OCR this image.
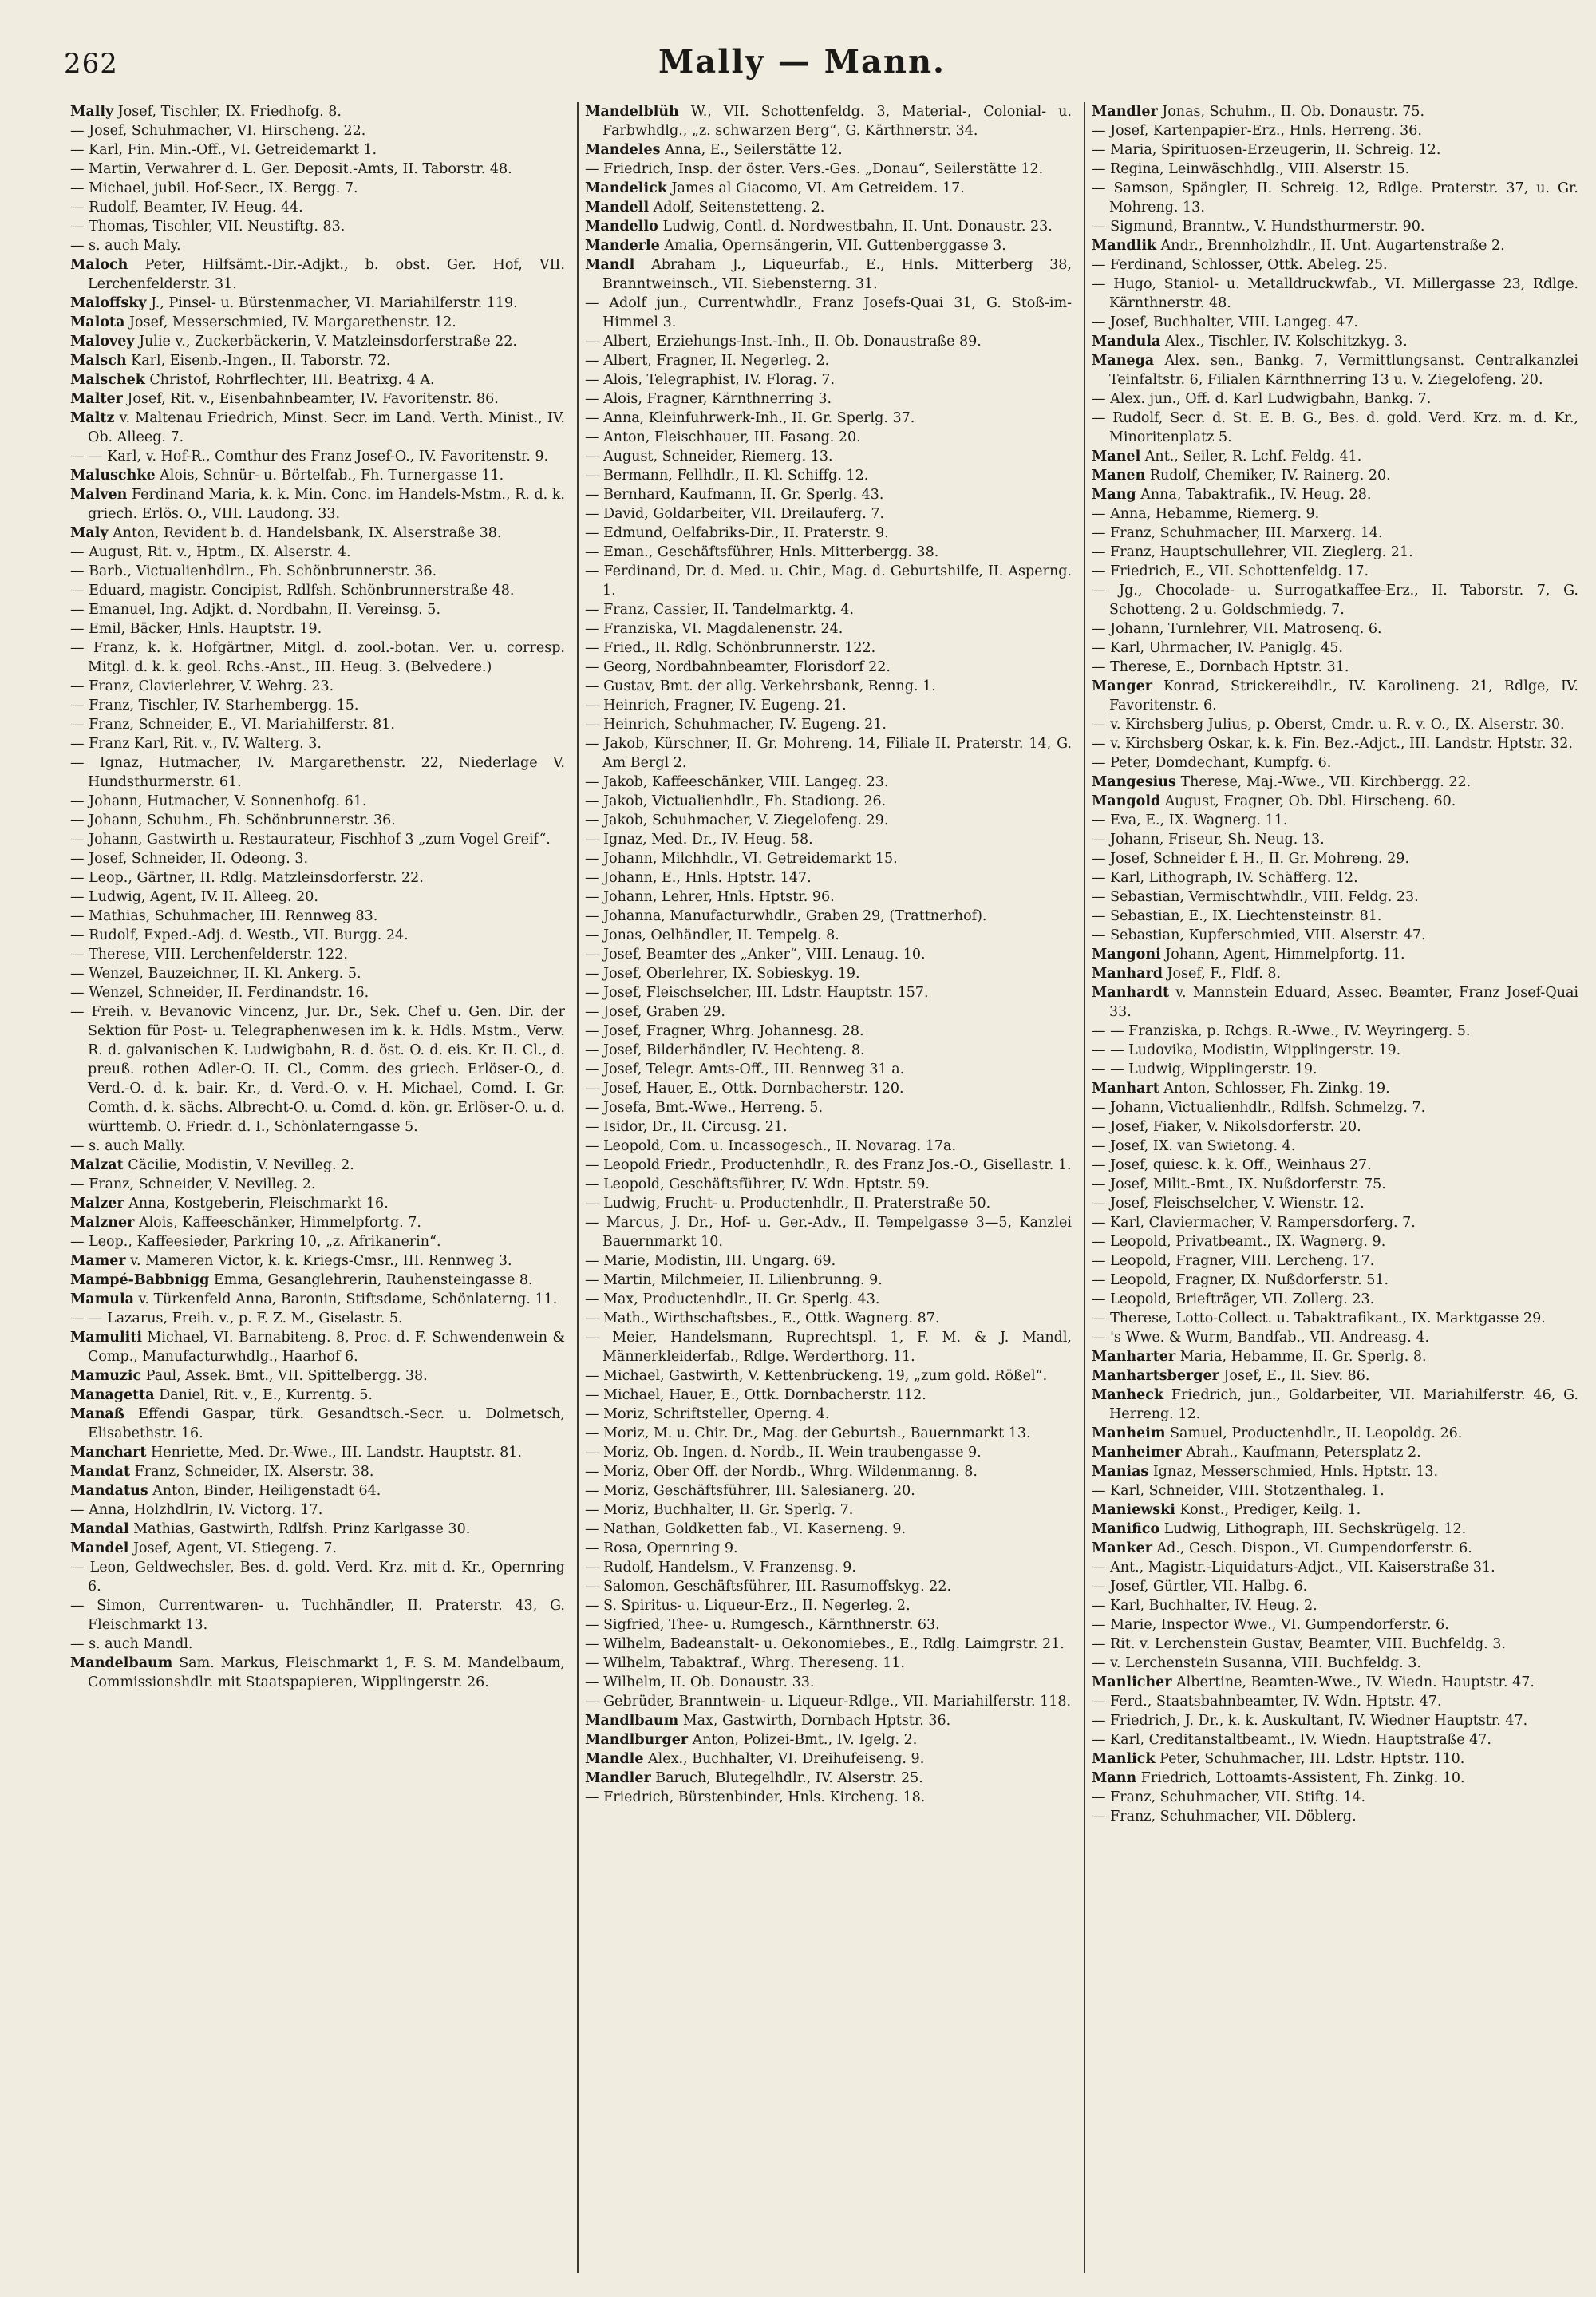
262	Mally — Mann.

Mally Josef, Tischler, IX. Friedhofg. 8.

— Josef, Schuhmacher, VI. Hirscheng. 22.

— Karl, Fin. Min.-Off., VI. Getreidemarkt 1.

— Martin, Verwahrer d. L. Ger. Deposit.-Amts, II. Taborstr. 48.

— Michael, jubil. Hof-Secr., IX. Bergg. 7.

— Rudolf, Beamter, IV. Heug. 44.

— Thomas, Tischler, VII. Neustiftg. 83.

— s. auch Maly.

Maloch Peter, Hilfsämt.-Dir.-Adjkt., b. obst. Ger. Hof, VII. Lerchenfelderstr. 31.

Maloffsky J., Pinsel- u. Bürstenmacher, VI. Mariahilferstr. 119.

Malota Josef, Messerschmied, IV. Margarethenstr. 12.

Malovey Julie v., Zuckerbäckerin, V. Matzleinsdorferstraße 22.

Malsch Karl, Eisenb.-Ingen., II. Taborstr. 72.

Malschek Christof, Rohrflechter, III. Beatrixg. 4 A.

Malter Josef, Rit. v., Eisenbahnbeamter, IV. Favoritenstr. 86.

Maltz v. Maltenau Friedrich, Minst. Secr. im Land. Verth. Minist., IV. Ob. Alleeg. 7.

— — Karl, v. Hof-R., Comthur des Franz Josef-O., IV. Favoritenstr. 9.

Maluschke Alois, Schnür- u. Börtelfab., Fh. Turnergasse 11.

Malven Ferdinand Maria, k. k. Min. Conc. im Handels-Mstm., R. d. k. griech. Erlös. O., VIII. Laudong. 33.

Maly Anton, Revident b. d. Handelsbank, IX. Alserstraße 38.

— August, Rit. v., Hptm., IX. Alserstr. 4.

— Barb., Victualienhdlrn., Fh. Schönbrunnerstr. 36.

— Eduard, magistr. Concipist, Rdlfsh. Schönbrunnerstraße 48.

— Emanuel, Ing. Adjkt. d. Nordbahn, II. Vereinsg. 5.

— Emil, Bäcker, Hnls. Hauptstr. 19.

— Franz, k. k. Hofgärtner, Mitgl. d. zool.-botan. Ver. u. corresp. Mitgl. d. k. k. geol. Rchs.-Anst., III. Heug. 3. (Belvedere.)

— Franz, Clavierlehrer, V. Wehrg. 23.

— Franz, Tischler, IV. Starhembergg. 15.

— Franz, Schneider, E., VI. Mariahilferstr. 81.

— Franz Karl, Rit. v., IV. Walterg. 3.

— Ignaz, Hutmacher, IV. Margarethenstr. 22, Niederlage V. Hundsthurmerstr. 61.

— Johann, Hutmacher, V. Sonnenhofg. 61.

— Johann, Schuhm., Fh. Schönbrunnerstr. 36.

— Johann, Gastwirth u. Restaurateur, Fischhof 3 „zum Vogel Greif“.

— Josef, Schneider, II. Odeong. 3.

— Leop., Gärtner, II. Rdlg. Matzleinsdorferstr. 22.

— Ludwig, Agent, IV. II. Alleeg. 20.

— Mathias, Schuhmacher, III. Rennweg 83.

— Rudolf, Exped.-Adj. d. Westb., VII. Burgg. 24.

— Therese, VIII. Lerchenfelderstr. 122.

— Wenzel, Bauzeichner, II. Kl. Ankerg. 5.

— Wenzel, Schneider, II. Ferdinandstr. 16.

— Freih. v. Bevanovic Vincenz, Jur. Dr., Sek. Chef u. Gen. Dir. der Sektion für Post- u. Telegraphenwesen im k. k. Hdls. Mstm., Verw. R. d. galvanischen K. Ludwigbahn, R. d. öst. O. d. eis. Kr. II. Cl., d. preuß. rothen Adler-O. II. Cl., Comm. des griech. Erlöser-O., d. Verd.-O. d. k. bair. Kr., d. Verd.-O. v. H. Michael, Comd. I. Gr. Comth. d. k. sächs. Albrecht-O. u. Comd. d. kön. gr. Erlöser-O. u. d. württemb. O. Friedr. d. I., Schönlaterngasse 5.

— s. auch Mally.

Malzat Cäcilie, Modistin, V. Nevilleg. 2.

— Franz, Schneider, V. Nevilleg. 2.

Malzer Anna, Kostgeberin, Fleischmarkt 16.

Malzner Alois, Kaffeeschänker, Himmelpfortg. 7.

— Leop., Kaffeesieder, Parkring 10, „z. Afrikanerin“.

Mamer v. Mameren Victor, k. k. Kriegs-Cmsr., III. Rennweg 3.

Mampé-Babbnigg Emma, Gesanglehrerin, Rauhensteingasse 8.

Mamula v. Türkenfeld Anna, Baronin, Stiftsdame, Schönlaterng. 11.

— — Lazarus, Freih. v., p. F. Z. M., Giselastr. 5.

Mamuliti Michael, VI. Barnabiteng. 8, Proc. d. F. Schwendenwein & Comp., Manufacturwhdlg., Haarhof 6.

Mamuzic Paul, Assek. Bmt., VII. Spittelbergg. 38.

Managetta Daniel, Rit. v., E., Kurrentg. 5.

Manaß Effendi Gaspar, türk. Gesandtsch.-Secr. u. Dolmetsch, Elisabethstr. 16.

Manchart Henriette, Med. Dr.-Wwe., III. Landstr. Hauptstr. 81.

Mandat Franz, Schneider, IX. Alserstr. 38.

Mandatus Anton, Binder, Heiligenstadt 64.

— Anna, Holzhdlrin, IV. Victorg. 17.

Mandal Mathias, Gastwirth, Rdlfsh. Prinz Karlgasse 30.

Mandel Josef, Agent, VI. Stiegeng. 7.

— Leon, Geldwechsler, Bes. d. gold. Verd. Krz. mit d. Kr., Opernring 6.

— Simon, Currentwaren- u. Tuchhändler, II. Praterstr. 43, G. Fleischmarkt 13.

— s. auch Mandl.

Mandelbaum Sam. Markus, Fleischmarkt 1, F. S. M. Mandelbaum, Commissionshdlr. mit Staatspapieren, Wipplingerstr. 26.

Mandelblüh W., VII. Schottenfeldg. 3, Material-, Colonial- u. Farbwhdlg., „z. schwarzen Berg“, G. Kärthnerstr. 34.

Mandeles Anna, E., Seilerstätte 12.

— Friedrich, Insp. der öster. Vers.-Ges. „Donau“, Seilerstätte 12.

Mandelick James al Giacomo, VI. Am Getreidem. 17.

Mandell Adolf, Seitenstetteng. 2.

Mandello Ludwig, Contl. d. Nordwestbahn, II. Unt. Donaustr. 23.

Manderle Amalia, Opernsängerin, VII. Guttenberggasse 3.

Mandl Abraham J., Liqueurfab., E., Hnls. Mitterberg 38, Branntweinsch., VII. Siebensterng. 31.

— Adolf jun., Currentwhdlr., Franz Josefs-Quai 31, G. Stoß-im-Himmel 3.

— Albert, Erziehungs-Inst.-Inh., II. Ob. Donaustraße 89.

— Albert, Fragner, II. Negerleg. 2.

— Alois, Telegraphist, IV. Florag. 7.

— Alois, Fragner, Kärnthnerring 3.

— Anna, Kleinfuhrwerk-Inh., II. Gr. Sperlg. 37.

— Anton, Fleischhauer, III. Fasang. 20.

— August, Schneider, Riemerg. 13.

— Bermann, Fellhdlr., II. Kl. Schiffg. 12.

— Bernhard, Kaufmann, II. Gr. Sperlg. 43.

— David, Goldarbeiter, VII. Dreilauferg. 7.

— Edmund, Oelfabriks-Dir., II. Praterstr. 9.

— Eman., Geschäftsführer, Hnls. Mitterbergg. 38.

— Ferdinand, Dr. d. Med. u. Chir., Mag. d. Geburtshilfe, II. Asperng. 1.

— Franz, Cassier, II. Tandelmarktg. 4.

— Franziska, VI. Magdalenenstr. 24.

— Fried., II. Rdlg. Schönbrunnerstr. 122.

— Georg, Nordbahnbeamter, Florisdorf 22.

— Gustav, Bmt. der allg. Verkehrsbank, Renng. 1.

— Heinrich, Fragner, IV. Eugeng. 21.

— Heinrich, Schuhmacher, IV. Eugeng. 21.

— Jakob, Kürschner, II. Gr. Mohreng. 14, Filiale II. Praterstr. 14, G. Am Bergl 2.

— Jakob, Kaffeeschänker, VIII. Langeg. 23.

— Jakob, Victualienhdlr., Fh. Stadiong. 26.

— Jakob, Schuhmacher, V. Ziegelofeng. 29.

— Ignaz, Med. Dr., IV. Heug. 58.

— Johann, Milchhdlr., VI. Getreidemarkt 15.

— Johann, E., Hnls. Hptstr. 147.

— Johann, Lehrer, Hnls. Hptstr. 96.

— Johanna, Manufacturwhdlr., Graben 29, (Trattnerhof).

— Jonas, Oelhändler, II. Tempelg. 8.

— Josef, Beamter des „Anker“, VIII. Lenaug. 10.

— Josef, Oberlehrer, IX. Sobieskyg. 19.

— Josef, Fleischselcher, III. Ldstr. Hauptstr. 157.

— Josef, Graben 29.

— Josef, Fragner, Whrg. Johannesg. 28.

— Josef, Bilderhändler, IV. Hechteng. 8.

— Josef, Telegr. Amts-Off., III. Rennweg 31 a.

— Josef, Hauer, E., Ottk. Dornbacherstr. 120.

— Josefa, Bmt.-Wwe., Herreng. 5.

— Isidor, Dr., II. Circusg. 21.

— Leopold, Com. u. Incassogesch., II. Novarag. 17a.

— Leopold Friedr., Productenhdlr., R. des Franz Jos.-O., Gisellastr. 1.

— Leopold, Geschäftsführer, IV. Wdn. Hptstr. 59.

— Ludwig, Frucht- u. Productenhdlr., II. Praterstraße 50.

— Marcus, J. Dr., Hof- u. Ger.-Adv., II. Tempelgasse 3—5, Kanzlei Bauernmarkt 10.

— Marie, Modistin, III. Ungarg. 69.

— Martin, Milchmeier, II. Lilienbrunng. 9.

— Max, Productenhdlr., II. Gr. Sperlg. 43.

— Math., Wirthschaftsbes., E., Ottk. Wagnerg. 87.

— Meier, Handelsmann, Ruprechtspl. 1, F. M. & J. Mandl, Männerkleiderfab., Rdlge. Werderthorg. 11.

— Michael, Gastwirth, V. Kettenbrückeng. 19, „zum gold. Rößel“.

— Michael, Hauer, E., Ottk. Dornbacherstr. 112.

— Moriz, Schriftsteller, Operng. 4.

— Moriz, M. u. Chir. Dr., Mag. der Geburtsh., Bauernmarkt 13.

— Moriz, Ob. Ingen. d. Nordb., II. Wein traubengasse 9.

— Moriz, Ober Off. der Nordb., Whrg. Wildenmanng. 8.

— Moriz, Geschäftsführer, III. Salesianerg. 20.

— Moriz, Buchhalter, II. Gr. Sperlg. 7.

— Nathan, Goldketten fab., VI. Kaserneng. 9.

— Rosa, Opernring 9.

— Rudolf, Handelsm., V. Franzensg. 9.

— Salomon, Geschäftsführer, III. Rasumoffskyg. 22.

— S. Spiritus- u. Liqueur-Erz., II. Negerleg. 2.

— Sigfried, Thee- u. Rumgesch., Kärnthnerstr. 63.

— Wilhelm, Badeanstalt- u. Oekonomiebes., E., Rdlg. Laimgrstr. 21.

— Wilhelm, Tabaktraf., Whrg. Thereseng. 11.

— Wilhelm, II. Ob. Donaustr. 33.

— Gebrüder, Branntwein- u. Liqueur-Rdlge., VII. Mariahilferstr. 118.

Mandlbaum Max, Gastwirth, Dornbach Hptstr. 36.

Mandlburger Anton, Polizei-Bmt., IV. Igelg. 2.

Mandle Alex., Buchhalter, VI. Dreihufeiseng. 9.

Mandler Baruch, Blutegelhdlr., IV. Alserstr. 25.

— Friedrich, Bürstenbinder, Hnls. Kircheng. 18.

Mandler Jonas, Schuhm., II. Ob. Donaustr. 75.

— Josef, Kartenpapier-Erz., Hnls. Herreng. 36.

— Maria, Spirituosen-Erzeugerin, II. Schreig. 12.

— Regina, Leinwäschhdlg., VIII. Alserstr. 15.

— Samson, Spängler, II. Schreig. 12, Rdlge. Praterstr. 37, u. Gr. Mohreng. 13.

— Sigmund, Branntw., V. Hundsthurmerstr. 90.

Mandlik Andr., Brennholzhdlr., II. Unt. Augartenstraße 2.

— Ferdinand, Schlosser, Ottk. Abeleg. 25.

— Hugo, Staniol- u. Metalldruckwfab., VI. Millergasse 23, Rdlge. Kärnthnerstr. 48.

— Josef, Buchhalter, VIII. Langeg. 47.

Mandula Alex., Tischler, IV. Kolschitzkyg. 3.

Manega Alex. sen., Bankg. 7, Vermittlungsanst. Centralkanzlei Teinfaltstr. 6, Filialen Kärnthnerring 13 u. V. Ziegelofeng. 20.

— Alex. jun., Off. d. Karl Ludwigbahn, Bankg. 7.

— Rudolf, Secr. d. St. E. B. G., Bes. d. gold. Verd. Krz. m. d. Kr., Minoritenplatz 5.

Manel Ant., Seiler, R. Lchf. Feldg. 41.

Manen Rudolf, Chemiker, IV. Rainerg. 20.

Mang Anna, Tabaktrafik., IV. Heug. 28.

— Anna, Hebamme, Riemerg. 9.

— Franz, Schuhmacher, III. Marxerg. 14.

— Franz, Hauptschullehrer, VII. Zieglerg. 21.

— Friedrich, E., VII. Schottenfeldg. 17.

— Jg., Chocolade- u. Surrogatkaffee-Erz., II. Taborstr. 7, G. Schotteng. 2 u. Goldschmiedg. 7.

— Johann, Turnlehrer, VII. Matrosenq. 6.

— Karl, Uhrmacher, IV. Paniglg. 45.

— Therese, E., Dornbach Hptstr. 31.

Manger Konrad, Strickereihdlr., IV. Karolineng. 21, Rdlge, IV. Favoritenstr. 6.

— v. Kirchsberg Julius, p. Oberst, Cmdr. u. R. v. O., IX. Alserstr. 30.

— v. Kirchsberg Oskar, k. k. Fin. Bez.-Adjct., III. Landstr. Hptstr. 32.

— Peter, Domdechant, Kumpfg. 6.

Mangesius Therese, Maj.-Wwe., VII. Kirchbergg. 22.

Mangold August, Fragner, Ob. Dbl. Hirscheng. 60.

— Eva, E., IX. Wagnerg. 11.

— Johann, Friseur, Sh. Neug. 13.

— Josef, Schneider f. H., II. Gr. Mohreng. 29.

— Karl, Lithograph, IV. Schäfferg. 12.

— Sebastian, Vermischtwhdlr., VIII. Feldg. 23.

— Sebastian, E., IX. Liechtensteinstr. 81.

— Sebastian, Kupferschmied, VIII. Alserstr. 47.

Mangoni Johann, Agent, Himmelpfortg. 11.

Manhard Josef, F., Fldf. 8.

Manhardt v. Mannstein Eduard, Assec. Beamter, Franz Josef-Quai 33.

— — Franziska, p. Rchgs. R.-Wwe., IV. Weyringerg. 5.

— — Ludovika, Modistin, Wipplingerstr. 19.

— — Ludwig, Wipplingerstr. 19.

Manhart Anton, Schlosser, Fh. Zinkg. 19.

— Johann, Victualienhdlr., Rdlfsh. Schmelzg. 7.

— Josef, Fiaker, V. Nikolsdorferstr. 20.

— Josef, IX. van Swietong. 4.

— Josef, quiesc. k. k. Off., Weinhaus 27.

— Josef, Milit.-Bmt., IX. Nußdorferstr. 75.

— Josef, Fleischselcher, V. Wienstr. 12.

— Karl, Claviermacher, V. Rampersdorferg. 7.

— Leopold, Privatbeamt., IX. Wagnerg. 9.

— Leopold, Fragner, VIII. Lercheng. 17.

— Leopold, Fragner, IX. Nußdorferstr. 51.

— Leopold, Briefträger, VII. Zollerg. 23.

— Therese, Lotto-Collect. u. Tabaktrafikant., IX. Marktgasse 29.

— 's Wwe. & Wurm, Bandfab., VII. Andreasg. 4.

Manharter Maria, Hebamme, II. Gr. Sperlg. 8.

Manhartsberger Josef, E., II. Siev. 86.

Manheck Friedrich, jun., Goldarbeiter, VII. Mariahilferstr. 46, G. Herreng. 12.

Manheim Samuel, Productenhdlr., II. Leopoldg. 26.

Manheimer Abrah., Kaufmann, Petersplatz 2.

Manias Ignaz, Messerschmied, Hnls. Hptstr. 13.

— Karl, Schneider, VIII. Stotzenthaleg. 1.

Maniewski Konst., Prediger, Keilg. 1.

Manifico Ludwig, Lithograph, III. Sechskrügelg. 12.

Manker Ad., Gesch. Dispon., VI. Gumpendorferstr. 6.

— Ant., Magistr.-Liquidaturs-Adjct., VII. Kaiserstraße 31.

— Josef, Gürtler, VII. Halbg. 6.

— Karl, Buchhalter, IV. Heug. 2.

— Marie, Inspector Wwe., VI. Gumpendorferstr. 6.

— Rit. v. Lerchenstein Gustav, Beamter, VIII. Buchfeldg. 3.

— v. Lerchenstein Susanna, VIII. Buchfeldg. 3.

Manlicher Albertine, Beamten-Wwe., IV. Wiedn. Hauptstr. 47.

— Ferd., Staatsbahnbeamter, IV. Wdn. Hptstr. 47.

— Friedrich, J. Dr., k. k. Auskultant, IV. Wiedner Hauptstr. 47.

— Karl, Creditanstaltbeamt., IV. Wiedn. Hauptstraße 47.

Manlick Peter, Schuhmacher, III. Ldstr. Hptstr. 110.

Mann Friedrich, Lottoamts-Assistent, Fh. Zinkg. 10.

— Franz, Schuhmacher, VII. Stiftg. 14.

— Franz, Schuhmacher, VII. Döblerg.
